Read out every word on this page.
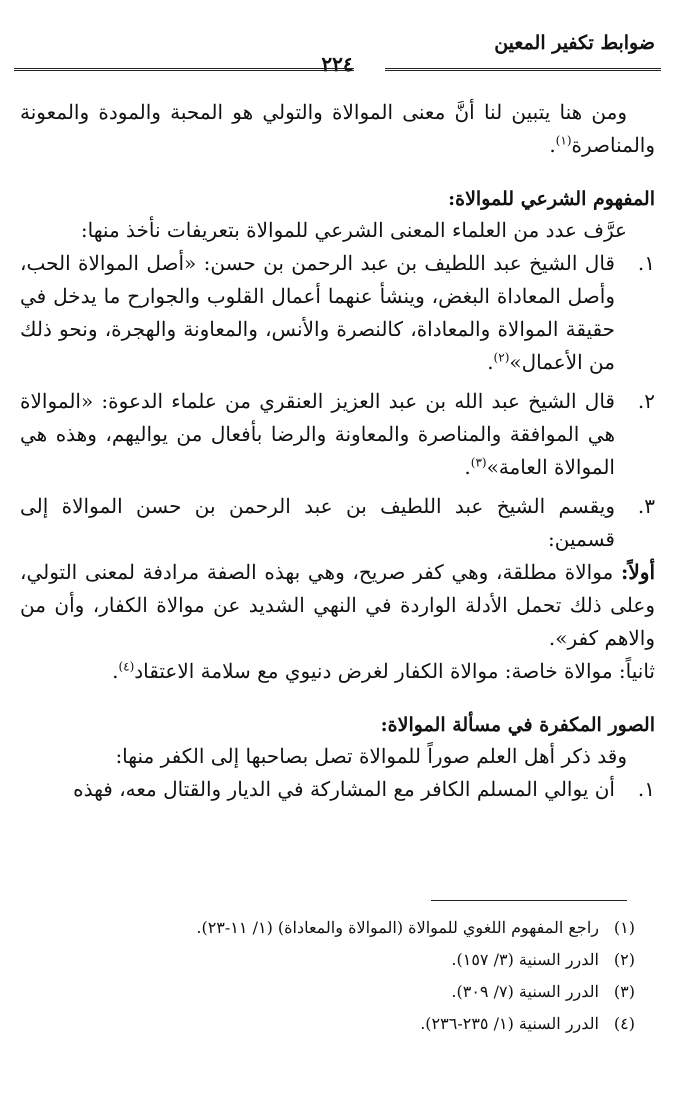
ضوابط تكفير المعين
٢٢٤
ومن هنا يتبين لنا أنَّ معنى الموالاة والتولي هو المحبة والمودة والمعونة والمناصرة$^{(١)}$.
المفهوم الشرعي للموالاة:
عرَّف عدد من العلماء المعنى الشرعي للموالاة بتعريفات نأخذ منها:
١.
قال الشيخ عبد اللطيف بن عبد الرحمن بن حسن: «أصل الموالاة الحب، وأصل المعاداة البغض، وينشأ عنهما أعمال القلوب والجوارح ما يدخل في حقيقة الموالاة والمعاداة، كالنصرة والأنس، والمعاونة والهجرة، ونحو ذلك من الأعمال»$^{(٢)}$.
٢.
قال الشيخ عبد الله بن عبد العزيز العنقري من علماء الدعوة: «الموالاة هي الموافقة والمناصرة والمعاونة والرضا بأفعال من يواليهم، وهذه هي الموالاة العامة»$^{(٣)}$.
٣.
ويقسم الشيخ عبد اللطيف بن عبد الرحمن بن حسن الموالاة إلى قسمين:
أولاً: موالاة مطلقة، وهي كفر صريح، وهي بهذه الصفة مرادفة لمعنى التولي، وعلى ذلك تحمل الأدلة الواردة في النهي الشديد عن موالاة الكفار، وأن من والاهم كفر».
ثانياً: موالاة خاصة: موالاة الكفار لغرض دنيوي مع سلامة الاعتقاد$^{(٤)}$.
الصور المكفرة في مسألة الموالاة:
وقد ذكر أهل العلم صوراً للموالاة تصل بصاحبها إلى الكفر منها:
١.
أن يوالي المسلم الكافر مع المشاركة في الديار والقتال معه، فهذه
(١)
راجع المفهوم اللغوي للموالاة (الموالاة والمعاداة) (١/ ١١-٢٣).
(٢)
الدرر السنية (٣/ ١٥٧).
(٣)
الدرر السنية (٧/ ٣٠٩).
(٤)
الدرر السنية (١/ ٢٣٥-٢٣٦).
